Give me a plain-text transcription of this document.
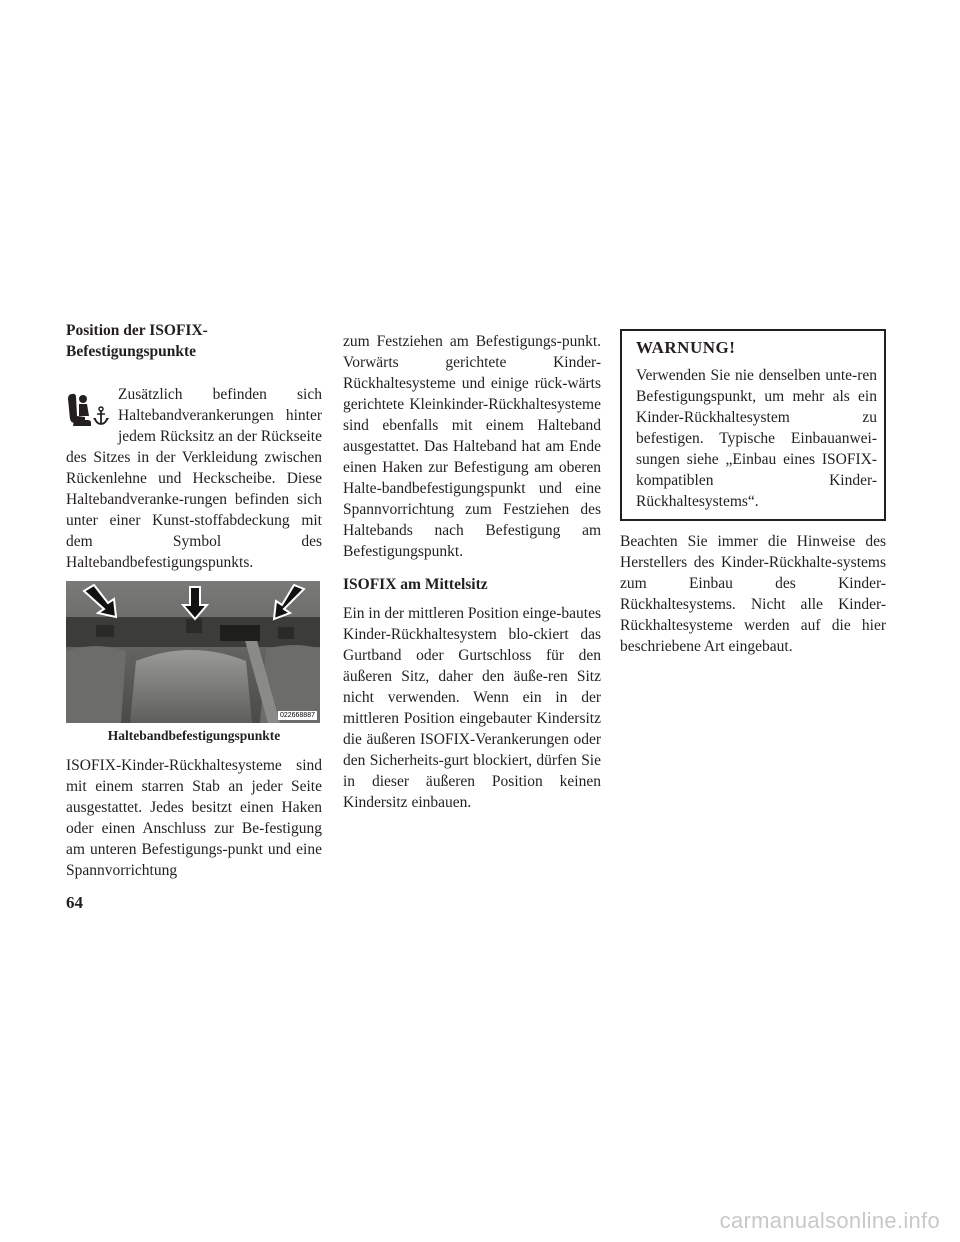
Position der ISOFIX-
Befestigungspunkte

Zusätzlich befinden sich Haltebandverankerungen hinter jedem Rücksitz an der Rückseite des Sitzes in der Verkleidung zwischen Rückenlehne und Heckscheibe. Diese Haltebandveranke-rungen befinden sich unter einer Kunst-stoffabdeckung mit dem Symbol des Haltebandbefestigungspunkts.

022668887
Haltebandbefestigungspunkte

ISOFIX-Kinder-Rückhaltesysteme sind mit einem starren Stab an jeder Seite ausgestattet. Jedes besitzt einen Haken oder einen Anschluss zur Be-festigung am unteren Befestigungs-punkt und eine Spannvorrichtung

zum Festziehen am Befestigungs-punkt. Vorwärts gerichtete Kinder-Rückhaltesysteme und einige rück-wärts gerichtete Kleinkinder-Rückhaltesysteme sind ebenfalls mit einem Halteband ausgestattet. Das Halteband hat am Ende einen Haken zur Befestigung am oberen Halte-bandbefestigungspunkt und eine Spannvorrichtung zum Festziehen des Haltebands nach Befestigung am Befestigungspunkt.

ISOFIX am Mittelsitz

Ein in der mittleren Position einge-bautes Kinder-Rückhaltesystem blo-ckiert das Gurtband oder Gurtschloss für den äußeren Sitz, daher den äuße-ren Sitz nicht verwenden. Wenn ein in der mittleren Position eingebauter Kindersitz die äußeren ISOFIX-Verankerungen oder den Sicherheits-gurt blockiert, dürfen Sie in dieser äußeren Position keinen Kindersitz einbauen.

WARNUNG!

Verwenden Sie nie denselben unte-ren Befestigungspunkt, um mehr als ein Kinder-Rückhaltesystem zu befestigen. Typische Einbauanwei-sungen siehe „Einbau eines ISOFIX-kompatiblen Kinder-Rückhaltesystems“.

Beachten Sie immer die Hinweise des Herstellers des Kinder-Rückhalte-systems zum Einbau des Kinder-Rückhaltesystems. Nicht alle Kinder-Rückhaltesysteme werden auf die hier beschriebene Art eingebaut.

64
carmanualsonline.info
